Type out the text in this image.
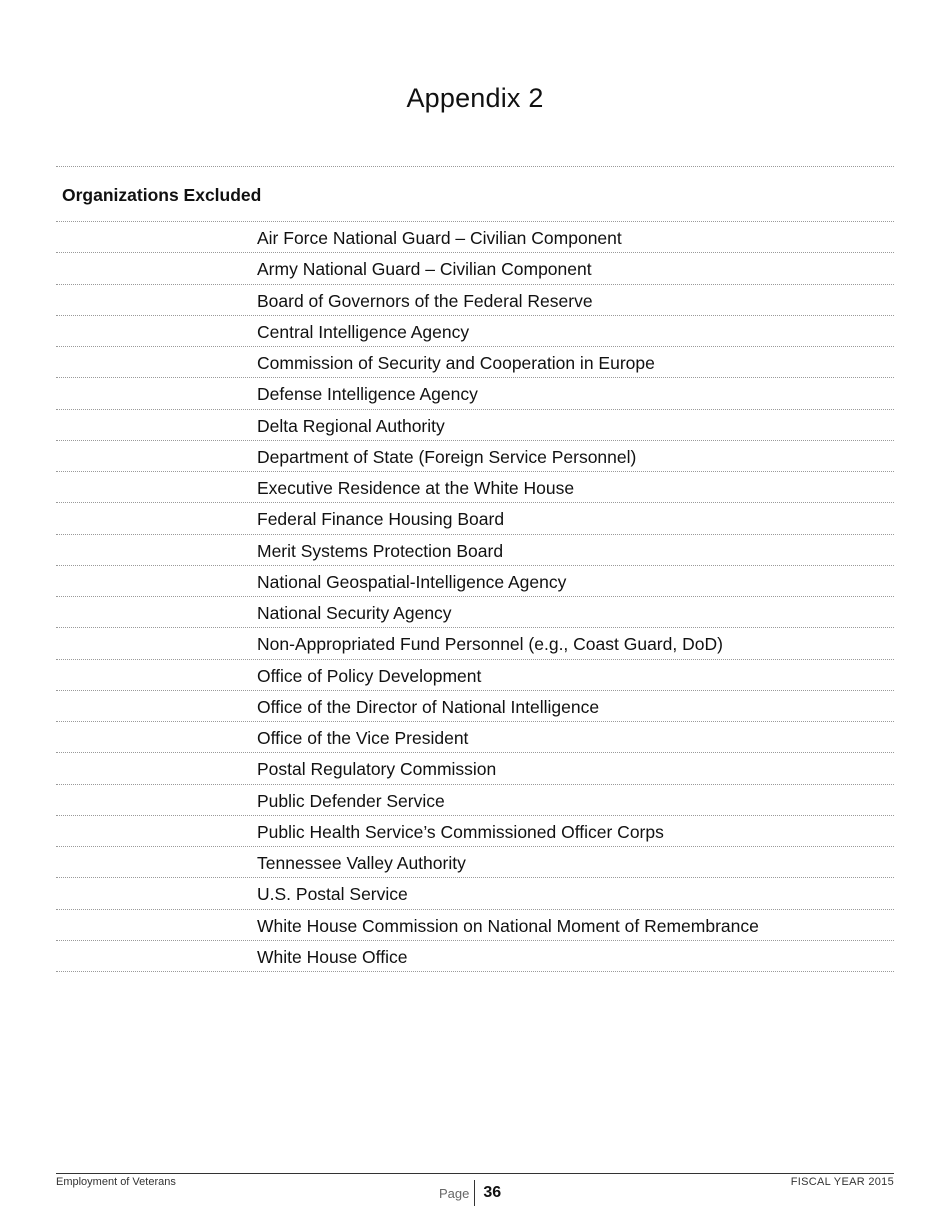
Appendix 2
Organizations Excluded
Air Force National Guard – Civilian Component
Army National Guard – Civilian Component
Board of Governors of the Federal Reserve
Central Intelligence Agency
Commission of Security and Cooperation in Europe
Defense Intelligence Agency
Delta Regional Authority
Department of State (Foreign Service Personnel)
Executive Residence at the White House
Federal Finance Housing Board
Merit Systems Protection Board
National Geospatial-Intelligence Agency
National Security Agency
Non-Appropriated Fund Personnel (e.g., Coast Guard, DoD)
Office of Policy Development
Office of the Director of National Intelligence
Office of the Vice President
Postal Regulatory Commission
Public Defender Service
Public Health Service’s Commissioned Officer Corps
Tennessee Valley Authority
U.S. Postal Service
White House Commission on National Moment of Remembrance
White House Office
Employment of Veterans
Page 36
FISCAL YEAR 2015
